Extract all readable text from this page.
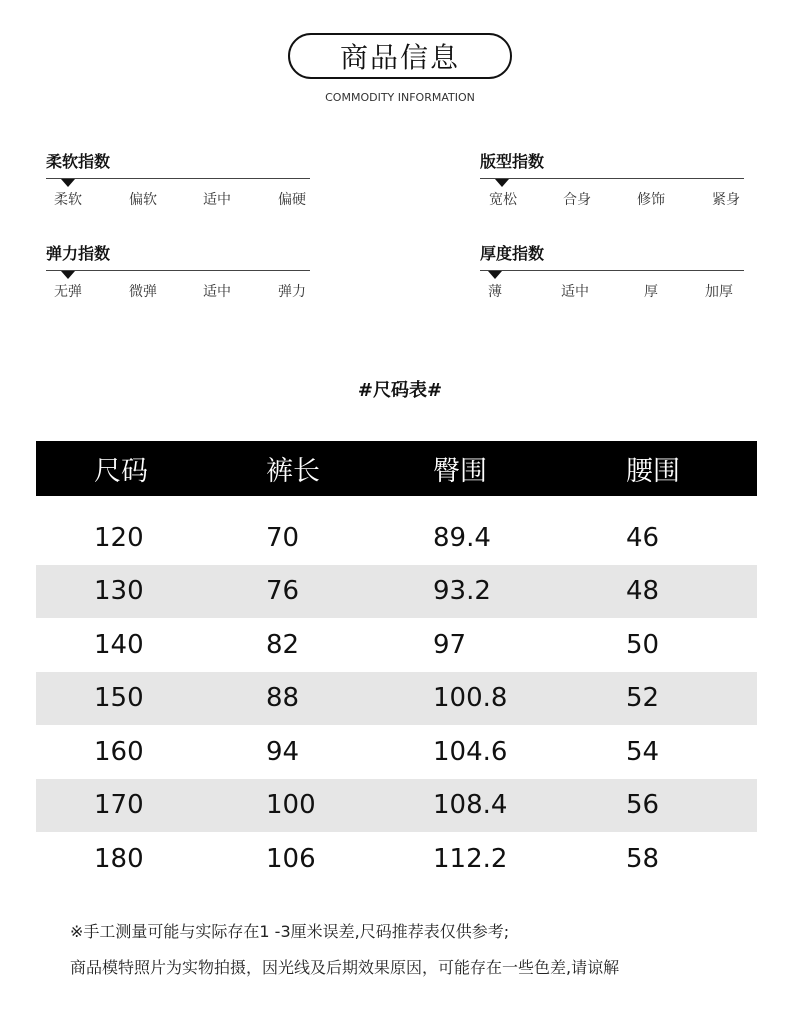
商品信息
COMMODITY INFORMATION
柔软指数
柔软	偏软	适中	偏硬
版型指数
宽松	合身	修饰	紧身
弹力指数
无弹	微弹	适中	弹力
厚度指数
薄	适中	厚	加厚
#尺码表#
尺码	裤长	臀围	腰围
120	70	89.4	46
130	76	93.2	48
140	82	97	50
150	88	100.8	52
160	94	104.6	54
170	100	108.4	56
180	106	112.2	58
※手工测量可能与实际存在1 -3厘米误差,尺码推荐表仅供参考;
商品模特照片为实物拍摄，因光线及后期效果原因，可能存在一些色差,请谅解
